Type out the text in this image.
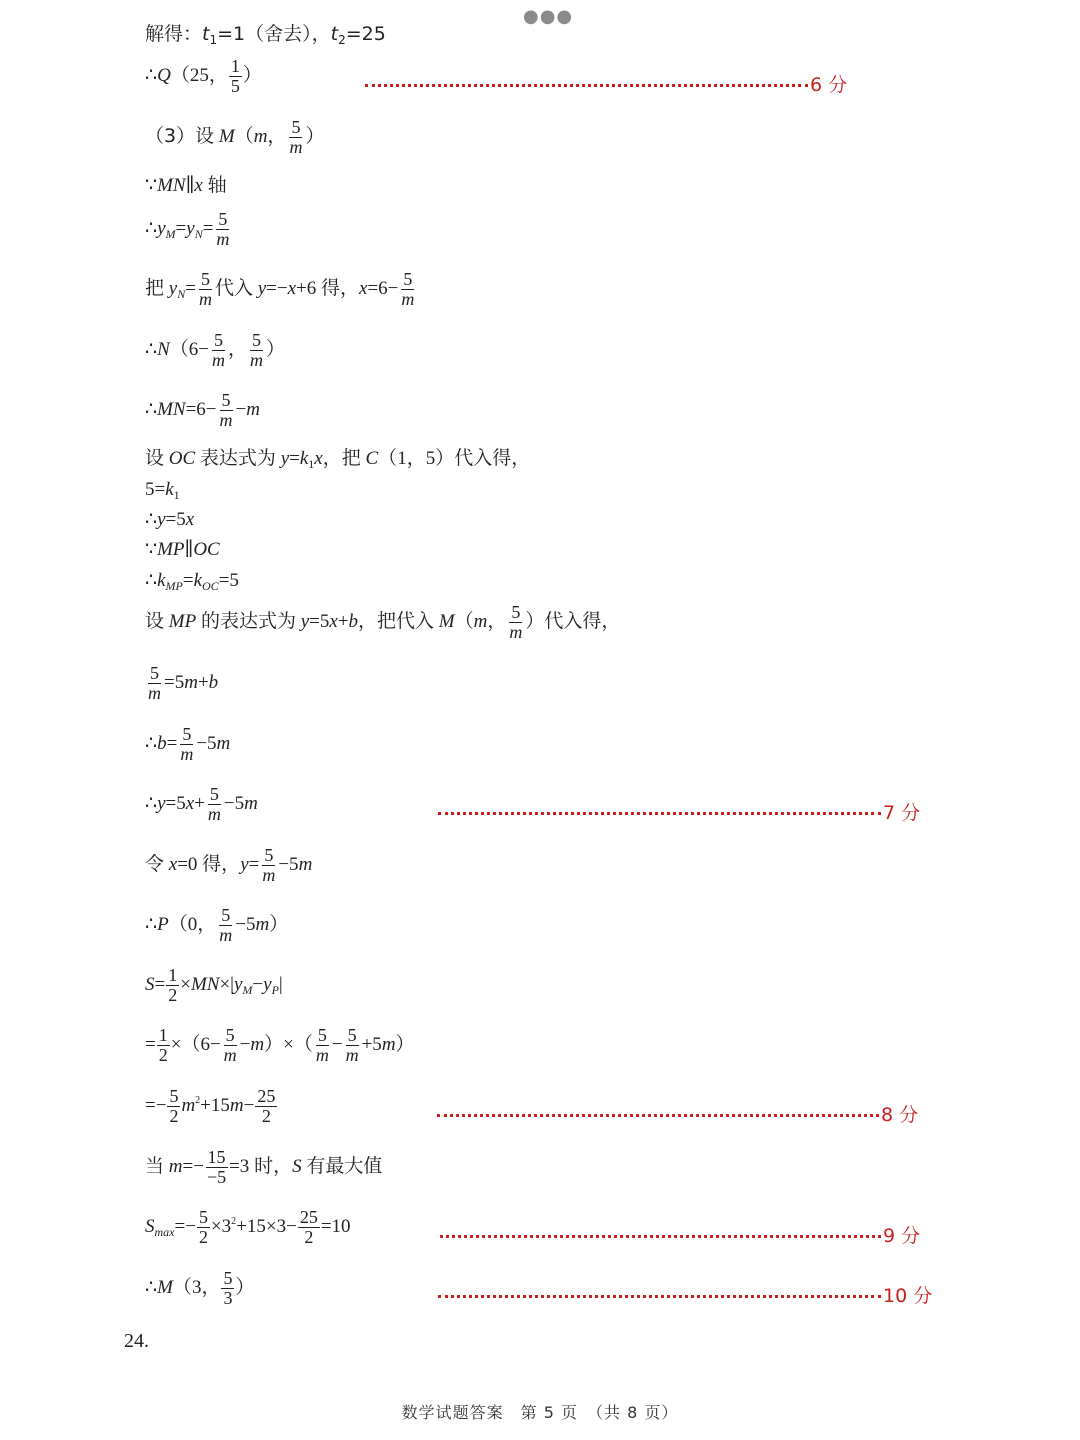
●●●
解得：$t_1=1$（舍去），$t_2=25$
∴Q（25， $\frac{1}{5}$ ）	6 分
（3）设 M（m， $\frac{5}{m}$ ）
∵MN∥x 轴
$\therefore y_M=y_N= \frac{5}{m}$
把 $y_N= \frac{5}{m}$ 代入 y=−x+6 得，$x=6- \frac{5}{m}$
∴N（6− $\frac{5}{m}$ ， $\frac{5}{m}$ ）
∴MN=6− $\frac{5}{m} -m$
设 OC 表达式为 $y=k_1x$，把 C（1，5）代入得，
$5=k_1$
∴y=5x
∵MP∥OC
$\therefore k_{MP}=k_{OC}=5$
设 MP 的表达式为 y=5x+b，把代入 M（m， $\frac{5}{m}$ ）代入得，
$\frac{5}{m} =5m+b$
∴b= $\frac{5}{m} -5m$
∴y=5x+ $\frac{5}{m} -5m$	7 分
令 x=0 得，$y= \frac{5}{m} -5m$
∴P（0， $\frac{5}{m} -5m$）
$S= \frac{1}{2} \times MN\times|y_M-y_P|$
= $\frac{1}{2} \times(6- \frac{5}{m} -m)\times( \frac{5}{m} - \frac{5}{m} +5m)$
=− $\frac{5}{2} m^2+15m- \frac{25}{2}$	8 分
当 $m=- \frac{15}{-5} =3$ 时，S 有最大值
$S_{max}=- \frac{5}{2} \times 3^2+15\times 3- \frac{25}{2} =10$	9 分
∴M（3， $\frac{5}{3}$ ）	10 分
24.
数学试题答案　第 5 页　（共 8 页）
